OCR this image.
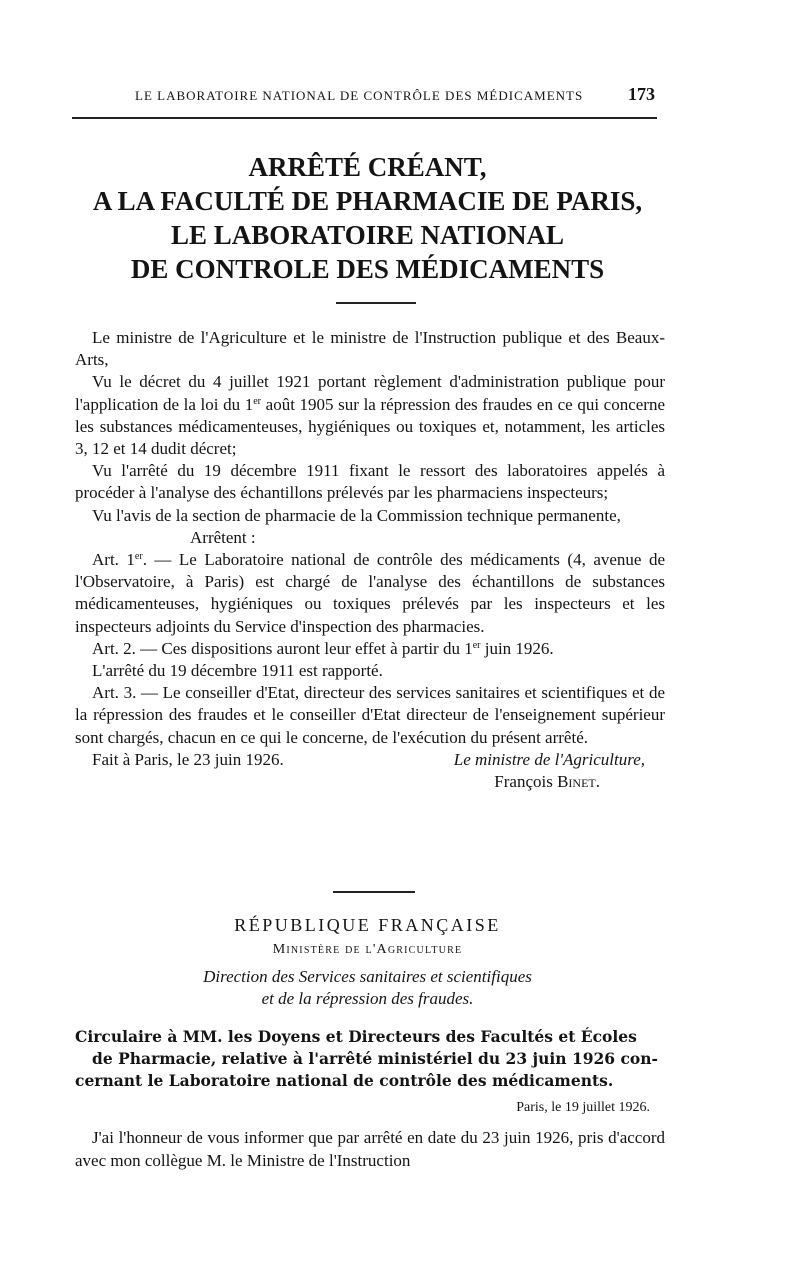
LE LABORATOIRE NATIONAL DE CONTRÔLE DES MÉDICAMENTS 173
ARRÊTÉ CRÉANT,
A LA FACULTÉ DE PHARMACIE DE PARIS,
LE LABORATOIRE NATIONAL
DE CONTROLE DES MÉDICAMENTS

Le ministre de l'Agriculture et le ministre de l'Instruction publique et des Beaux-Arts,

Vu le décret du 4 juillet 1921 portant règlement d'administration publique pour l'application de la loi du 1er août 1905 sur la répression des fraudes en ce qui concerne les substances médicamenteuses, hygiéniques ou toxiques et, notamment, les articles 3, 12 et 14 dudit décret;

Vu l'arrêté du 19 décembre 1911 fixant le ressort des laboratoires appelés à procéder à l'analyse des échantillons prélevés par les pharmaciens inspecteurs;

Vu l'avis de la section de pharmacie de la Commission technique permanente,

Arrêtent :

Art. 1er. — Le Laboratoire national de contrôle des médicaments (4, avenue de l'Observatoire, à Paris) est chargé de l'analyse des échantillons de substances médicamenteuses, hygiéniques ou toxiques prélevés par les inspecteurs et les inspecteurs adjoints du Service d'inspection des pharmacies.

Art. 2. — Ces dispositions auront leur effet à partir du 1er juin 1926.

L'arrêté du 19 décembre 1911 est rapporté.

Art. 3. — Le conseiller d'Etat, directeur des services sanitaires et scientifiques et de la répression des fraudes et le conseiller d'Etat directeur de l'enseignement supérieur sont chargés, chacun en ce qui le concerne, de l'exécution du présent arrêté.

Fait à Paris, le 23 juin 1926.	Le ministre de l'Agriculture,
François Binet.
RÉPUBLIQUE FRANÇAISE
Ministère de l'Agriculture
Direction des Services sanitaires et scientifiques
et de la répression des fraudes.
Circulaire à MM. les Doyens et Directeurs des Facultés et Écoles
de Pharmacie, relative à l'arrêté ministériel du 23 juin 1926 con-
cernant le Laboratoire national de contrôle des médicaments.
Paris, le 19 juillet 1926.

J'ai l'honneur de vous informer que par arrêté en date du 23 juin 1926, pris d'accord avec mon collègue M. le Ministre de l'Instruction
